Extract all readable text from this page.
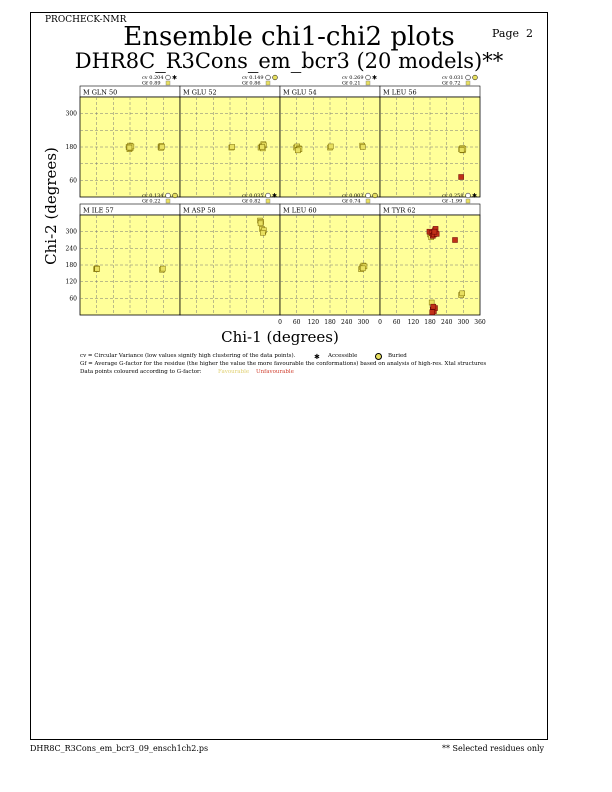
PROCHECK-NMR
Page 2
Ensemble chi1-chi2 plots
DHR8C_R3Cons_em_bcr3 (20 models)**
M GLN 50
cv 0.204
Gf 0.89
✱
M GLU 52
cv 0.149
Gf 0.86
M GLU 54
cv 0.269
Gf 0.21
✱
M LEU 56
cv 0.031
Gf 0.72
M ILE 57
cv 0.134
Gf 0.22
M ASP 58
cv 0.035
Gf 0.82
✱
M LEU 60
cv 0.003
Gf 0.74
M TYR 62
cv 0.258
Gf -1.99
✱
60
180
300
60
120
180
240
300
0 60 120 180 240 300 0 60 120 180 240 300 360
Chi-1 (degrees)
Chi-2 (degrees)
cv = Circular Variance (low values signify high clustering of the data points).	✱ Accessible	Buried
Gf = Average G-factor for the residue (the higher the value the more favourable the conformations) based on analysis of high-res. Xtal structures
Data points coloured according to G-factor:	Favourable Unfavourable
DHR8C_R3Cons_em_bcr3_09_ensch1ch2.ps	** Selected residues only
